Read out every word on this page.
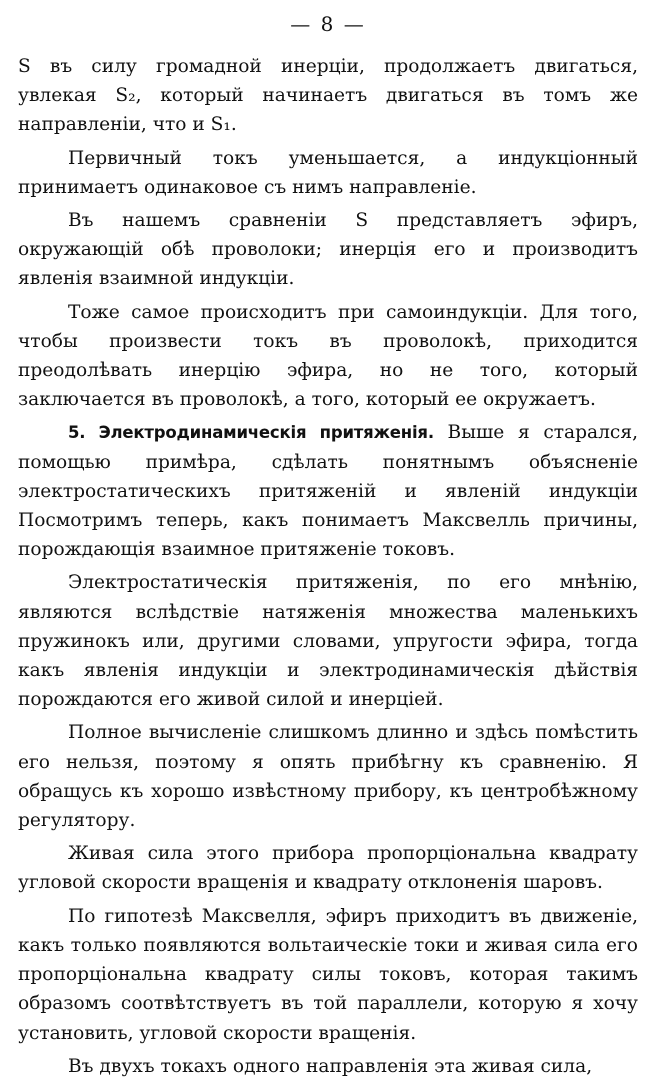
— 8 —

S въ силу громадной инерціи, продолжаетъ двигаться, увлекая S₂, который начинаетъ двигаться въ томъ же направленіи, что и S₁.

Первичный токъ уменьшается, а индукціонный принимаетъ одинаковое съ нимъ направленіе.

Въ нашемъ сравненіи S представляетъ эфиръ, окружающій обѣ проволоки; инерція его и производитъ явленія взаимной индукціи.

Тоже самое происходитъ при самоиндукціи. Для того, чтобы произвести токъ въ проволокѣ, приходится преодолѣвать инерцію эфира, но не того, который заключается въ проволокѣ, а того, который ее окружаетъ.

5. Электродинамическія притяженія. Выше я старался, помощью примѣра, сдѣлать понятнымъ объясненіе электростатическихъ притяженій и явленій индукціи Посмотримъ теперь, какъ понимаетъ Максвелль причины, порождающія взаимное притяженіе токовъ.

Электростатическія притяженія, по его мнѣнію, являются вслѣдствіе натяженія множества маленькихъ пружинокъ или, другими словами, упругости эфира, тогда какъ явленія индукціи и электродинамическія дѣйствія порождаются его живой силой и инерціей.

Полное вычисленіе слишкомъ длинно и здѣсь помѣстить его нельзя, поэтому я опять прибѣгну къ сравненію. Я обращусь къ хорошо извѣстному прибору, къ центробѣжному регулятору.

Живая сила этого прибора пропорціональна квадрату угловой скорости вращенія и квадрату отклоненія шаровъ.

По гипотезѣ Максвелля, эфиръ приходитъ въ движеніе, какъ только появляются вольтаическіе токи и живая сила его пропорціональна квадрату силы токовъ, которая такимъ образомъ соотвѣтствуетъ въ той параллели, которую я хочу установить, угловой скорости вращенія.

Въ двухъ токахъ одного направленія эта живая сила,
